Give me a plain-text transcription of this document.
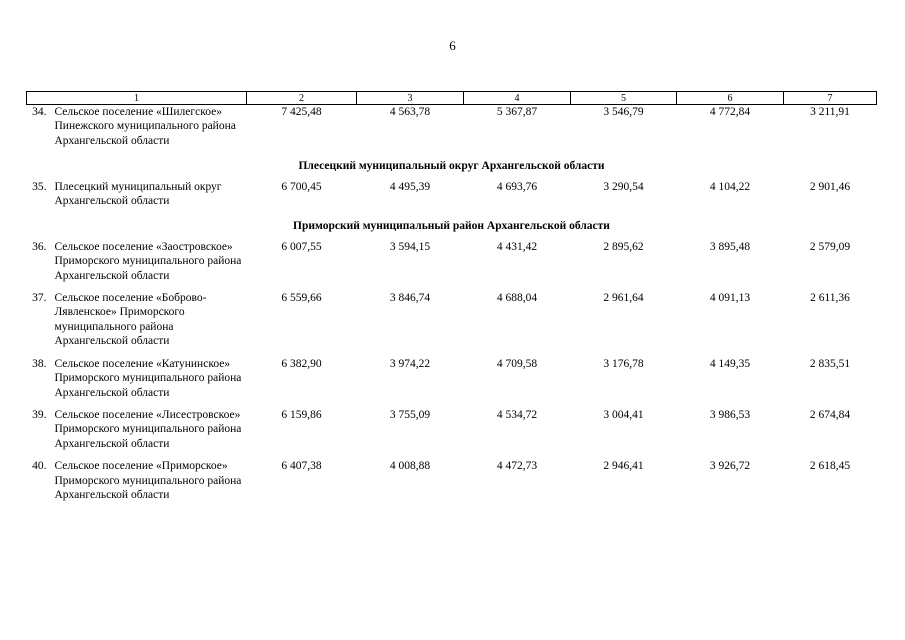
6
1		2	3	4	5	6	7
34.	Сельское поселение «Шилегское» Пинежского муниципального района Архангельской области	7 425,48	4 563,78	5 367,87	3 546,79	4 772,84	3 211,91
Плесецкий муниципальный округ Архангельской области							
35.	Плесецкий муниципальный округ Архангельской области	6 700,45	4 495,39	4 693,76	3 290,54	4 104,22	2 901,46
Приморский муниципальный район Архангельской области							
36.	Сельское поселение «Заостровское» Приморского муниципального района Архангельской области	6 007,55	3 594,15	4 431,42	2 895,62	3 895,48	2 579,09
37.	Сельское поселение «Боброво-Лявленское» Приморского муниципального района Архангельской области	6 559,66	3 846,74	4 688,04	2 961,64	4 091,13	2 611,36
38.	Сельское поселение «Катунинское» Приморского муниципального района Архангельской области	6 382,90	3 974,22	4 709,58	3 176,78	4 149,35	2 835,51
39.	Сельское поселение «Лисестровское» Приморского муниципального района Архангельской области	6 159,86	3 755,09	4 534,72	3 004,41	3 986,53	2 674,84
40.	Сельское поселение «Приморское» Приморского муниципального района Архангельской области	6 407,38	4 008,88	4 472,73	2 946,41	3 926,72	2 618,45
